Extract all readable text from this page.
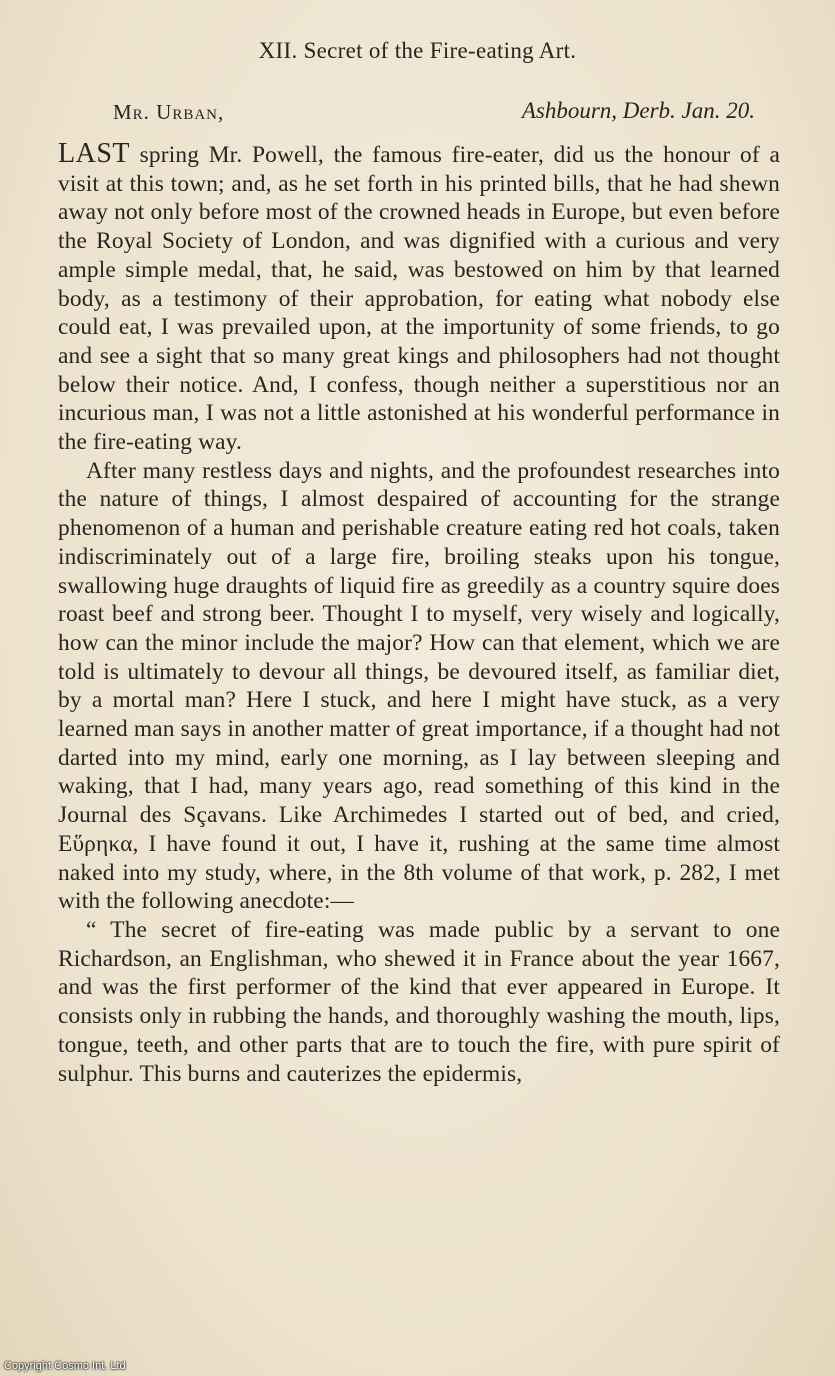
XII. Secret of the Fire-eating Art.
Mr. Urban,	Ashbourn, Derb. Jan. 20.

LAST spring Mr. Powell, the famous fire-eater, did us the honour of a visit at this town; and, as he set forth in his printed bills, that he had shewn away not only before most of the crowned heads in Europe, but even before the Royal Society of London, and was dignified with a curious and very ample simple medal, that, he said, was bestowed on him by that learned body, as a testimony of their approbation, for eating what nobody else could eat, I was prevailed upon, at the importunity of some friends, to go and see a sight that so many great kings and philosophers had not thought below their notice. And, I confess, though neither a superstitious nor an incurious man, I was not a little astonished at his wonderful performance in the fire-eating way.

After many restless days and nights, and the profoundest researches into the nature of things, I almost despaired of accounting for the strange phenomenon of a human and perishable creature eating red hot coals, taken indiscriminately out of a large fire, broiling steaks upon his tongue, swallowing huge draughts of liquid fire as greedily as a country squire does roast beef and strong beer. Thought I to myself, very wisely and logically, how can the minor include the major? How can that element, which we are told is ultimately to devour all things, be devoured itself, as familiar diet, by a mortal man? Here I stuck, and here I might have stuck, as a very learned man says in another matter of great importance, if a thought had not darted into my mind, early one morning, as I lay between sleeping and waking, that I had, many years ago, read something of this kind in the Journal des Sçavans. Like Archimedes I started out of bed, and cried, Εὕρηκα, I have found it out, I have it, rushing at the same time almost naked into my study, where, in the 8th volume of that work, p. 282, I met with the following anecdote:—

“ The secret of fire-eating was made public by a servant to one Richardson, an Englishman, who shewed it in France about the year 1667, and was the first performer of the kind that ever appeared in Europe. It consists only in rubbing the hands, and thoroughly washing the mouth, lips, tongue, teeth, and other parts that are to touch the fire, with pure spirit of sulphur. This burns and cauterizes the epidermis,

Copyright Cosmo Int. Ltd
